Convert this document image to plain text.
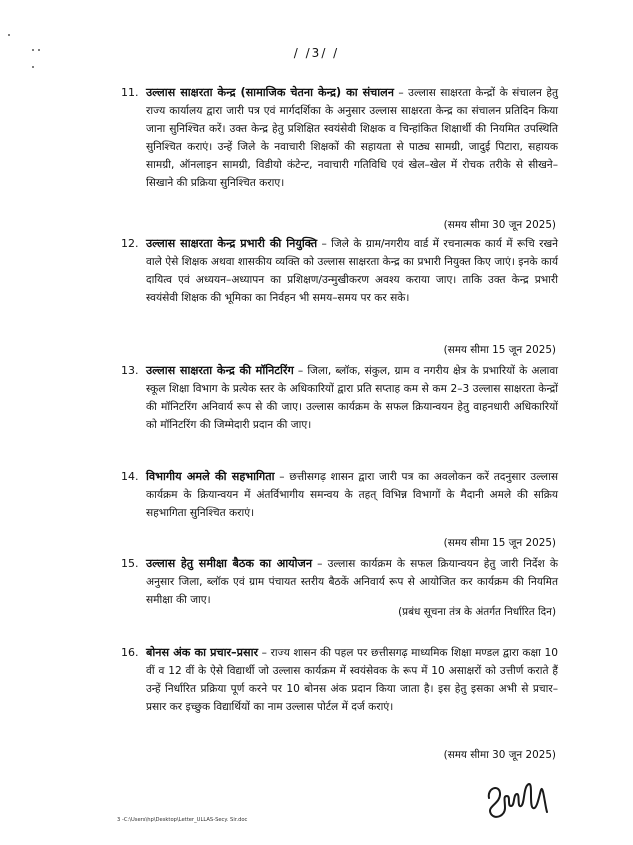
/ /3/ /
11. उल्लास साक्षरता केन्द्र (सामाजिक चेतना केन्द्र) का संचालन – उल्लास साक्षरता केन्द्रों के संचालन हेतु राज्य कार्यालय द्वारा जारी पत्र एवं मार्गदर्शिका के अनुसार उल्लास साक्षरता केन्द्र का संचालन प्रतिदिन किया जाना सुनिश्चित करें। उक्त केन्द्र हेतु प्रशिक्षित स्वयंसेवी शिक्षक व चिन्हांकित शिक्षार्थी की नियमित उपस्थिति सुनिश्चित कराएं। उन्हें जिले के नवाचारी शिक्षकों की सहायता से पाठ्य सामग्री, जादुई पिटारा, सहायक सामग्री, ऑनलाइन सामग्री, विडीयो कंटेन्ट, नवाचारी गतिविधि एवं खेल–खेल में रोचक तरीके से सीखने–सिखाने की प्रक्रिया सुनिश्चित कराए।
(समय सीमा 30 जून 2025)
12. उल्लास साक्षरता केन्द्र प्रभारी की नियुक्ति – जिले के ग्राम/नगरीय वार्ड में रचनात्मक कार्य में रूचि रखने वाले ऐसे शिक्षक अथवा शासकीय व्यक्ति को उल्लास साक्षरता केन्द्र का प्रभारी नियुक्त किए जाएं। इनके कार्य दायित्व एवं अध्ययन–अध्यापन का प्रशिक्षण/उन्मुखीकरण अवश्य कराया जाए। ताकि उक्त केन्द्र प्रभारी स्वयंसेवी शिक्षक की भूमिका का निर्वहन भी समय–समय पर कर सके।
(समय सीमा 15 जून 2025)
13. उल्लास साक्षरता केन्द्र की मॉनिटरिंग – जिला, ब्लॉक, संकुल, ग्राम व नगरीय क्षेत्र के प्रभारियों के अलावा स्कूल शिक्षा विभाग के प्रत्येक स्तर के अधिकारियों द्वारा प्रति सप्ताह कम से कम 2–3 उल्लास साक्षरता केन्द्रों की मॉनिटरिंग अनिवार्य रूप से की जाए। उल्लास कार्यक्रम के सफल क्रियान्वयन हेतु वाहनधारी अधिकारियों को मॉनिटरिंग की जिम्मेदारी प्रदान की जाए।
14. विभागीय अमले की सहभागिता – छत्तीसगढ़ शासन द्वारा जारी पत्र का अवलोकन करें तदनुसार उल्लास कार्यक्रम के क्रियान्वयन में अंतर्विभागीय समन्वय के तहत् विभिन्न विभागों के मैदानी अमले की सक्रिय सहभागिता सुनिश्चित कराएं।
(समय सीमा 15 जून 2025)
15. उल्लास हेतु समीक्षा बैठक का आयोजन – उल्लास कार्यक्रम के सफल क्रियान्वयन हेतु जारी निर्देश के अनुसार जिला, ब्लॉक एवं ग्राम पंचायत स्तरीय बैठकें अनिवार्य रूप से आयोजित कर कार्यक्रम की नियमित समीक्षा की जाए।
(प्रबंध सूचना तंत्र के अंतर्गत निर्धारित दिन)
16. बोनस अंक का प्रचार–प्रसार – राज्य शासन की पहल पर छत्तीसगढ़ माध्यमिक शिक्षा मण्डल द्वारा कक्षा 10 वीं व 12 वीं के ऐसे विद्यार्थी जो उल्लास कार्यक्रम में स्वयंसेवक के रूप में 10 असाक्षरों को उत्तीर्ण कराते हैं उन्हें निर्धारित प्रक्रिया पूर्ण करने पर 10 बोनस अंक प्रदान किया जाता है। इस हेतु इसका अभी से प्रचार–प्रसार कर इच्छुक विद्यार्थियों का नाम उल्लास पोर्टल में दर्ज कराएं।
(समय सीमा 30 जून 2025)
3 -C:\Users\hp\Desktop\Letter_ULLAS-Secy. Sir.doc
